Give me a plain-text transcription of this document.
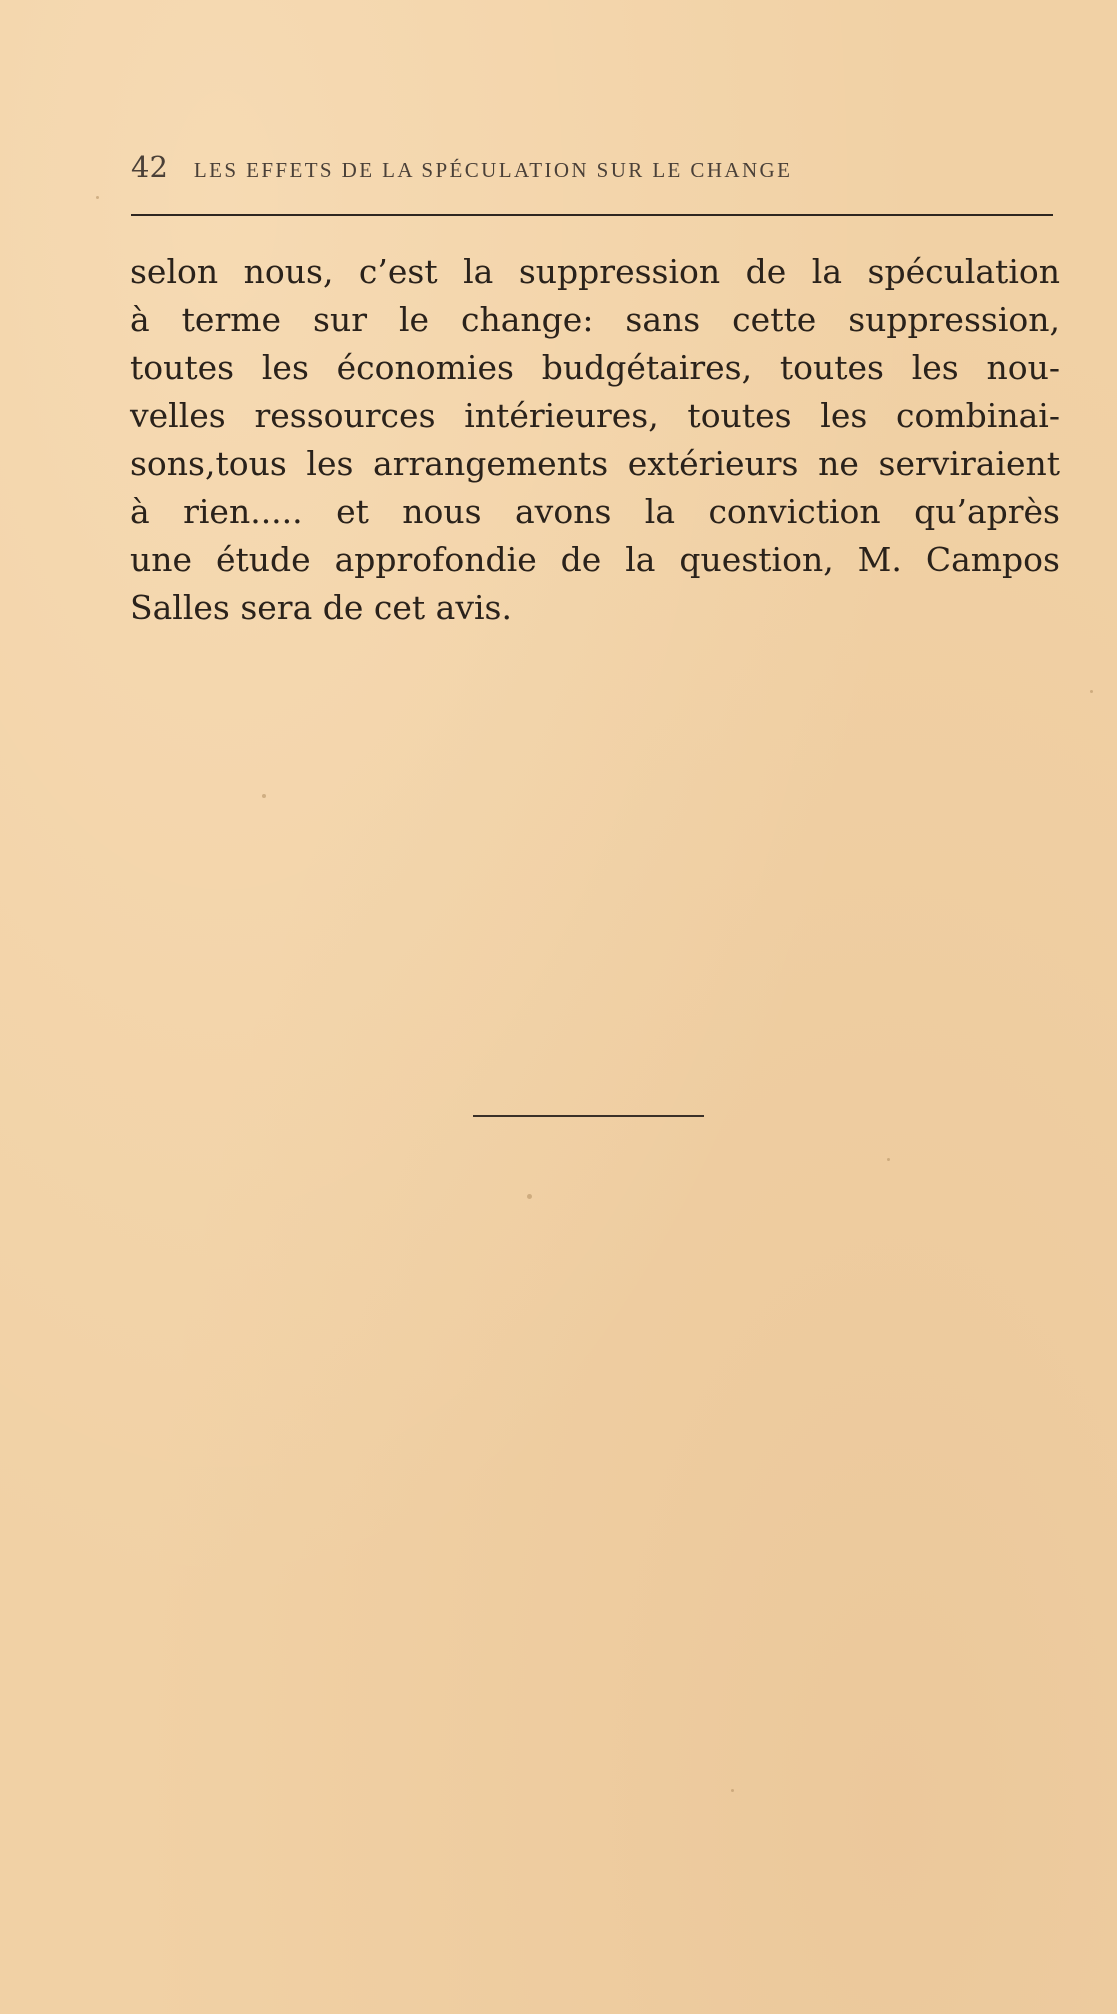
42 LES EFFETS DE LA SPÉCULATION SUR LE CHANGE
selon nous, c’est la suppression de la spéculation
à terme sur le change: sans cette suppression,
toutes les économies budgétaires, toutes les nou-
velles ressources intérieures, toutes les combinai-
sons,tous les arrangements extérieurs ne serviraient
à rien..... et nous avons la conviction qu’après
une étude approfondie de la question, M. Campos
Salles sera de cet avis.
